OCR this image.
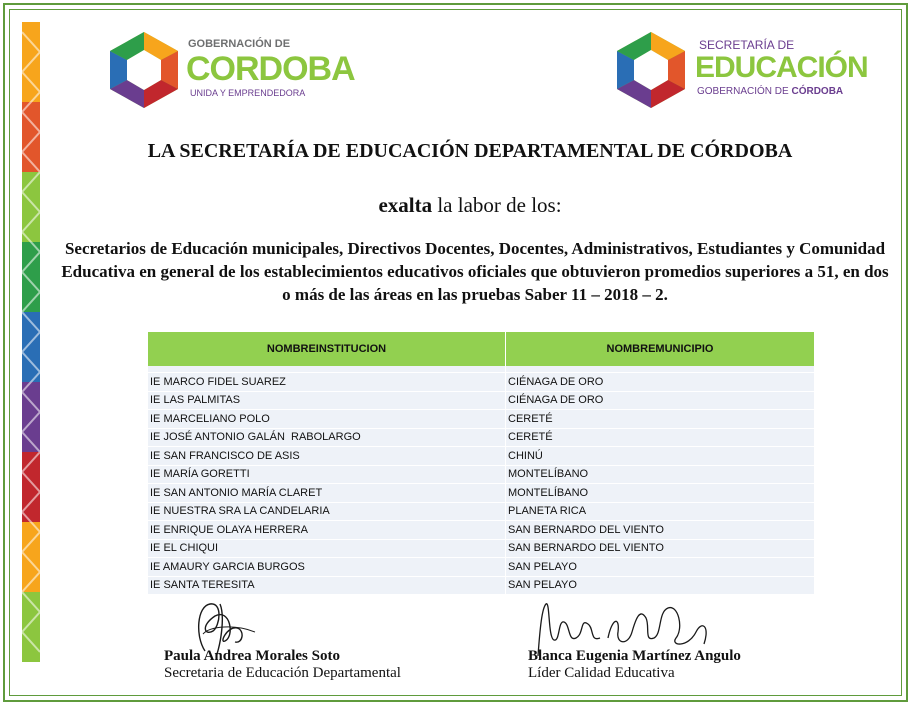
GOBERNACIÓN DE
CORDOBA
UNIDA Y EMPRENDEDORA
SECRETARÍA DE
EDUCACIÓN
GOBERNACIÓN DE CÓRDOBA
LA SECRETARÍA DE EDUCACIÓN DEPARTAMENTAL DE CÓRDOBA
exalta la labor de los:
Secretarios de Educación municipales, Directivos Docentes, Docentes, Administrativos, Estudiantes y Comunidad Educativa en general de los establecimientos educativos oficiales que obtuvieron promedios superiores a 51, en dos o más de las áreas en las pruebas Saber 11 – 2018 – 2.
NOMBREINSTITUCION	NOMBREMUNICIPIO

IE MARCO FIDEL SUAREZ	CIÉNAGA DE ORO
IE LAS PALMITAS	CIÉNAGA DE ORO
IE MARCELIANO POLO	CERETÉ
IE JOSÉ ANTONIO GALÁN  RABOLARGO	CERETÉ
IE SAN FRANCISCO DE ASIS	CHINÚ
IE MARÍA GORETTI	MONTELÍBANO
IE SAN ANTONIO MARÍA CLARET	MONTELÍBANO
IE NUESTRA SRA LA CANDELARIA	PLANETA RICA
IE ENRIQUE OLAYA HERRERA	SAN BERNARDO DEL VIENTO
IE EL CHIQUI	SAN BERNARDO DEL VIENTO
IE AMAURY GARCIA BURGOS	SAN PELAYO
IE SANTA TERESITA	SAN PELAYO
Paula Andrea Morales Soto
Secretaria de Educación Departamental
Blanca Eugenia Martínez Angulo
Líder Calidad Educativa
